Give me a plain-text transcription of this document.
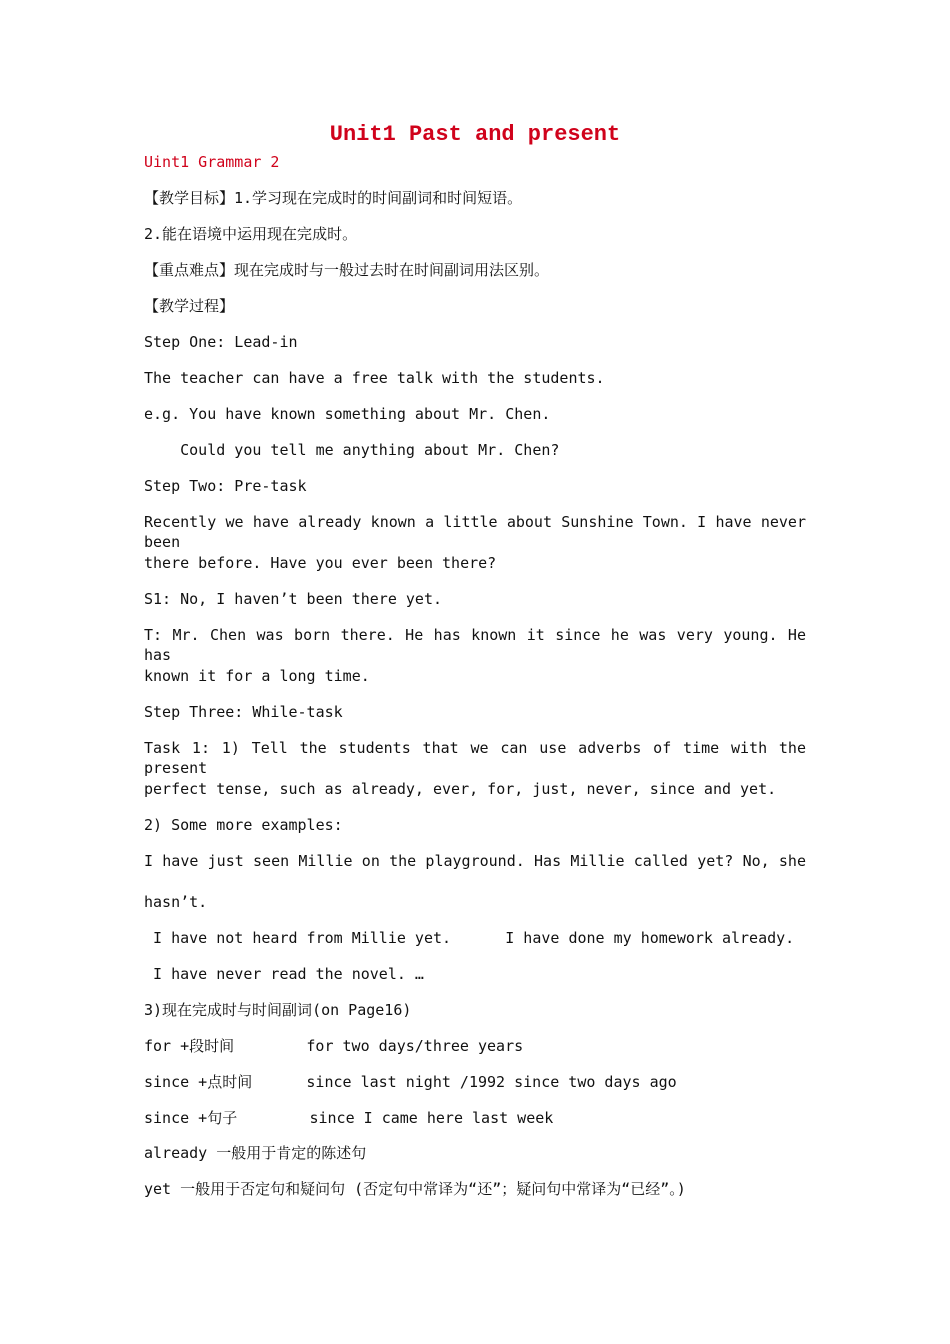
Unit1 Past and present
Uint1 Grammar 2
【教学目标】1.学习现在完成时的时间副词和时间短语。
2.能在语境中运用现在完成时。
【重点难点】现在完成时与一般过去时在时间副词用法区别。
【教学过程】
Step One: Lead-in
The teacher can have a free talk with the students.
e.g. You have known something about Mr. Chen.
Could you tell me anything about Mr. Chen?
Step Two: Pre-task
Recently we have already known a little about Sunshine Town. I have never been
there before. Have you ever been there?
S1: No, I haven’t been there yet.
T: Mr. Chen was born there. He has known it since he was very young. He has
known it for a long time.
Step Three: While-task
Task 1: 1) Tell the students that we can use adverbs of time with the present
perfect tense, such as already, ever, for, just, never, since and yet.
2) Some more examples:
I have just seen Millie on the playground. Has Millie called yet? No, she
hasn’t.
I have not heard from Millie yet.      I have done my homework already.
I have never read the novel. …
3)现在完成时与时间副词(on Page16)
for +段时间        for two days/three years
since +点时间      since last night /1992 since two days ago
since +句子        since I came here last week
already 一般用于肯定的陈述句
yet 一般用于否定句和疑问句 (否定句中常译为“还”；疑问句中常译为“已经”。)
